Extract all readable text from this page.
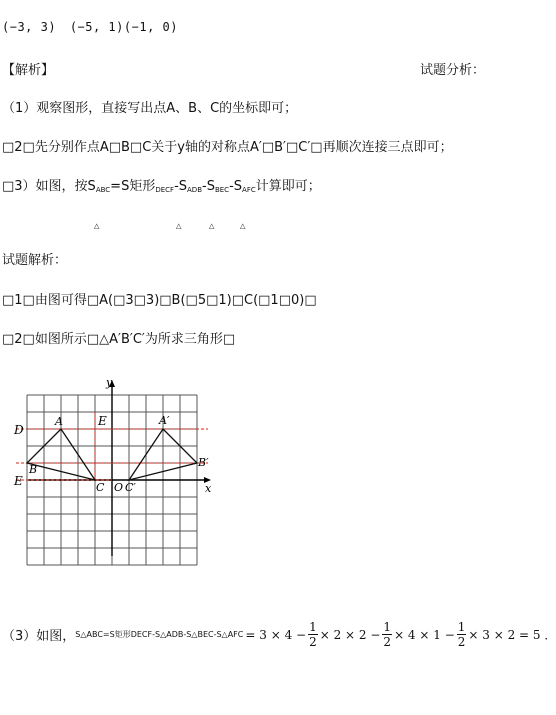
(−3, 3) (−5, 1)(−1, 0)
【解析】	试题分析：
（1）观察图形，直接写出点A、B、C的坐标即可；
□2□先分别作点A□B□C关于y轴的对称点A′□B′□C′□再顺次连接三点即可；
□3）如图，按$S_{ABC}=S$矩形$_{DECF}-S_{ADB}-S_{BEC}-S_{AFC}$计算即可；
△	△	△	△
试题解析：
□1□由图可得□A(□3□3)□B(□5□1)□C(□1□0)□
□2□如图所示□△A′B′C′为所求三角形□
y
x
D
E
A	E	A′
B
B′
C O C′
（3）如图， S△ABC=S矩形DECF-S△ADB-S△BEC-S△AFC = $3 \times 4 - \frac{1}{2} \times 2 \times 2 - \frac{1}{2} \times 4 \times 1 - \frac{1}{2} \times 3 \times 2 = 5$ ．
